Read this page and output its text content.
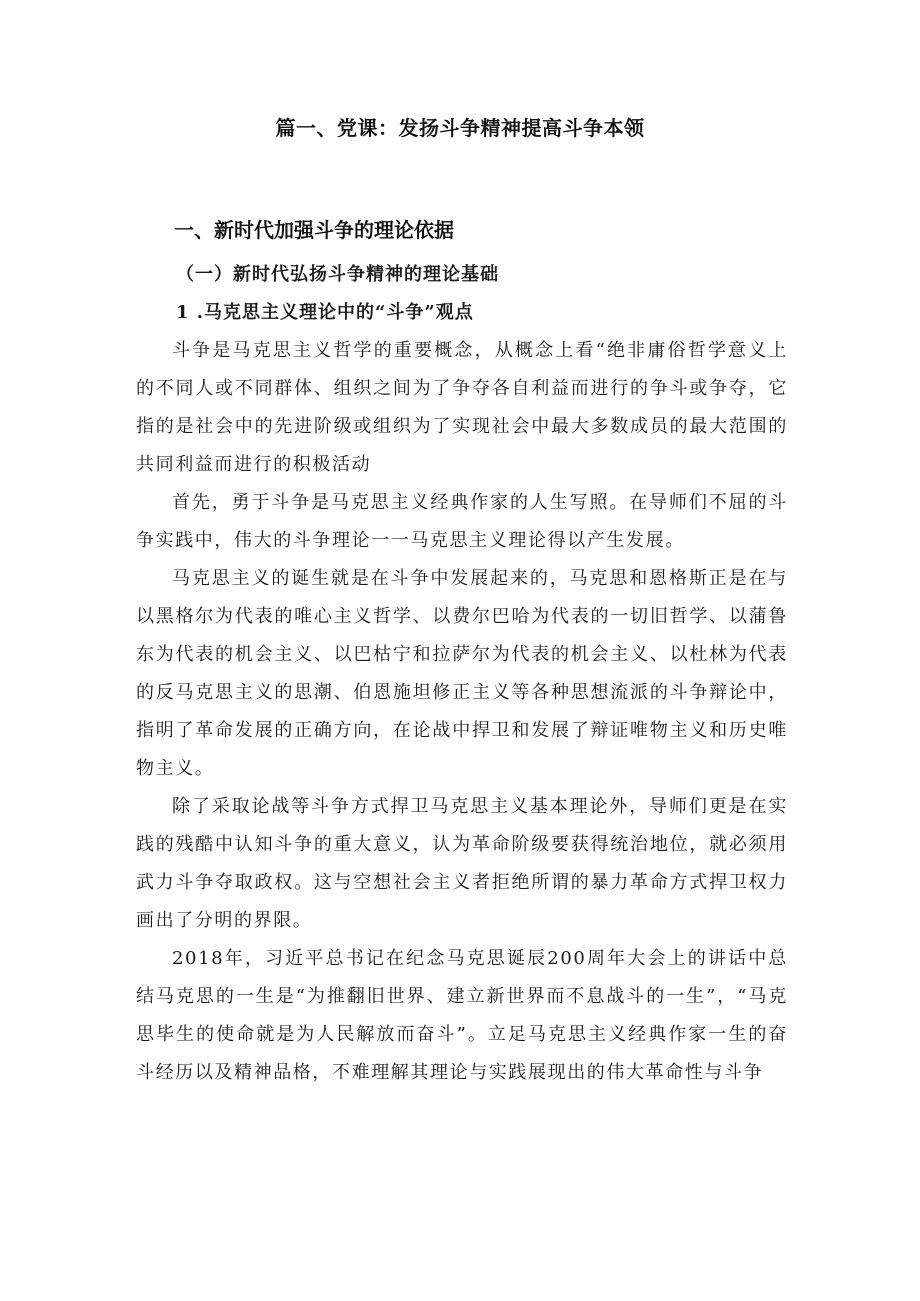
篇一、党课：发扬斗争精神提高斗争本领
一、新时代加强斗争的理论依据
（一）新时代弘扬斗争精神的理论基础
1 .马克思主义理论中的“斗争”观点

斗争是马克思主义哲学的重要概念，从概念上看“绝非庸俗哲学意义上的不同人或不同群体、组织之间为了争夺各自利益而进行的争斗或争夺，它指的是社会中的先进阶级或组织为了实现社会中最大多数成员的最大范围的共同利益而进行的积极活动

首先，勇于斗争是马克思主义经典作家的人生写照。在导师们不屈的斗争实践中，伟大的斗争理论一一马克思主义理论得以产生发展。

马克思主义的诞生就是在斗争中发展起来的，马克思和恩格斯正是在与以黑格尔为代表的唯心主义哲学、以费尔巴哈为代表的一切旧哲学、以蒲鲁东为代表的机会主义、以巴枯宁和拉萨尔为代表的机会主义、以杜林为代表的反马克思主义的思潮、伯恩施坦修正主义等各种思想流派的斗争辩论中，指明了革命发展的正确方向，在论战中捍卫和发展了辩证唯物主义和历史唯物主义。

除了采取论战等斗争方式捍卫马克思主义基本理论外，导师们更是在实践的残酷中认知斗争的重大意义，认为革命阶级要获得统治地位，就必须用武力斗争夺取政权。这与空想社会主义者拒绝所谓的暴力革命方式捍卫权力画出了分明的界限。

2018年，习近平总书记在纪念马克思诞辰200周年大会上的讲话中总结马克思的一生是“为推翻旧世界、建立新世界而不息战斗的一生”，“马克思毕生的使命就是为人民解放而奋斗”。立足马克思主义经典作家一生的奋斗经历以及精神品格，不难理解其理论与实践展现出的伟大革命性与斗争
